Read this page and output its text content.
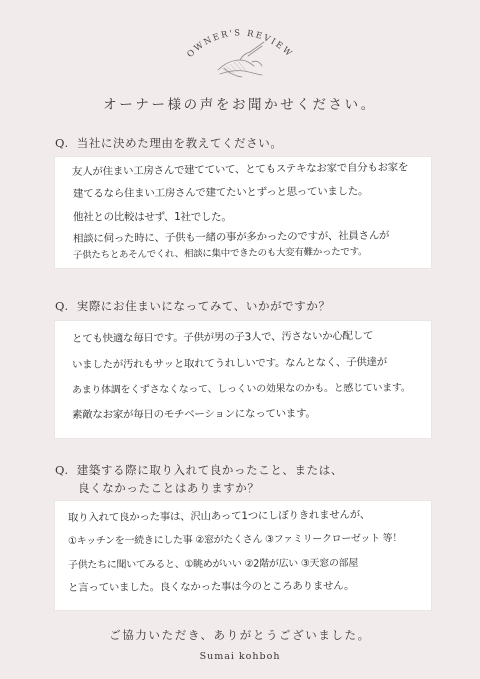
OWNER'S REVIEW
オーナー様の声をお聞かせください。
Q. 当社に決めた理由を教えてください。
友人が住まい工房さんで建てていて、とてもステキなお家で自分もお家を
建てるなら住まい工房さんで建てたいとずっと思っていました。
他社との比較はせず、1社でした。
相談に伺った時に、子供も一緒の事が多かったのですが、社員さんが
子供たちとあそんでくれ、相談に集中できたのも大変有難かったです。
Q. 実際にお住まいになってみて、いかがですか？
とても快適な毎日です。子供が男の子3人で、汚さないか心配して
いましたが汚れもサッと取れてうれしいです。なんとなく、子供達が
あまり体調をくずさなくなって、しっくいの効果なのかも。と感じています。
素敵なお家が毎日のモチベーションになっています。
Q. 建築する際に取り入れて良かったこと、または、
良くなかったことはありますか？
取り入れて良かった事は、沢山あって1つにしぼりきれませんが、
①キッチンを一続きにした事 ②窓がたくさん ③ファミリークローゼット 等！
子供たちに聞いてみると、①眺めがいい ②2階が広い ③天窓の部屋
と言っていました。良くなかった事は今のところありません。
ご協力いただき、ありがとうございました。
Sumai kohboh
